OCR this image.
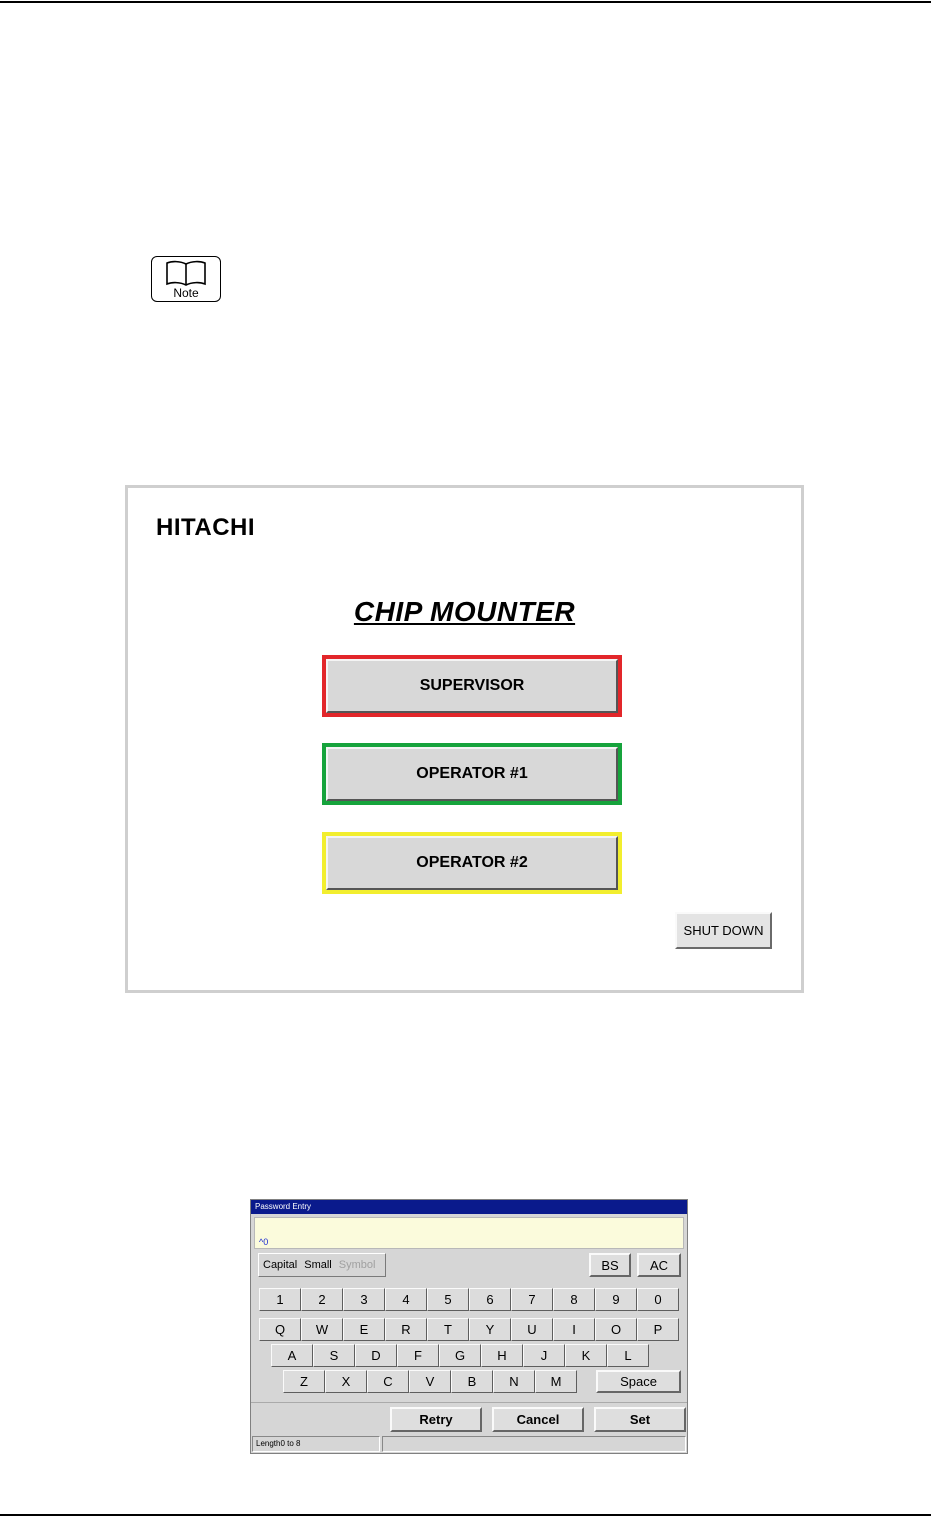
Note
HITACHI
CHIP MOUNTER
SUPERVISOR
OPERATOR #1
OPERATOR #2
SHUT DOWN
Password Entry
^0
Capital Small Symbol	BS	AC
1	2	3	4	5	6	7	8	9	0
Q	W	E	R	T	Y	U	I	O	P
A	S	D	F	G	H	J	K	L
Z	X	C	V	B	N	M	Space
Retry	Cancel	Set
Length0 to 8
